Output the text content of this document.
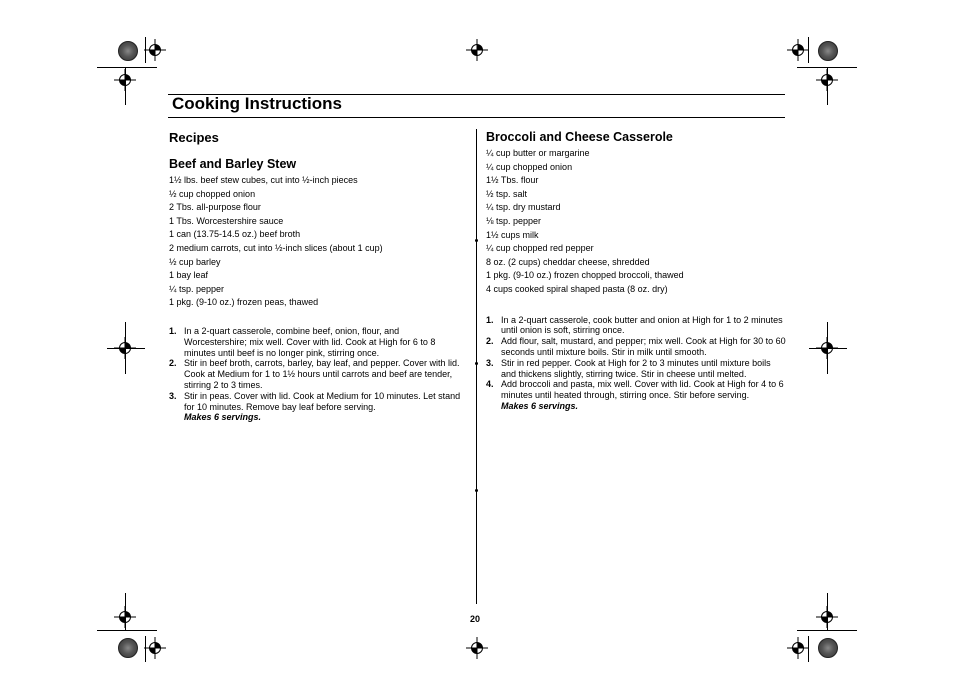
Cooking Instructions
Recipes
Beef and Barley Stew
1½ lbs. beef stew cubes, cut into ½-inch pieces
½ cup chopped onion
2 Tbs. all-purpose flour
1 Tbs. Worcestershire sauce
1 can (13.75-14.5 oz.) beef broth
2 medium carrots, cut into ½-inch slices (about 1 cup)
½ cup barley
1 bay leaf
¼ tsp. pepper
1 pkg. (9-10 oz.) frozen peas, thawed
1. In a 2-quart casserole, combine beef, onion, flour, and Worcestershire; mix well. Cover with lid. Cook at High for 6 to 8 minutes until beef is no longer pink, stirring once.
2. Stir in beef broth, carrots, barley, bay leaf, and pepper. Cover with lid. Cook at Medium for 1 to 1½ hours until carrots and beef are tender, stirring 2 to 3 times.
3. Stir in peas. Cover with lid. Cook at Medium for 10 minutes. Let stand for 10 minutes. Remove bay leaf before serving.
Makes 6 servings.
Broccoli and Cheese Casserole
¼ cup butter or margarine
¼ cup chopped onion
1½ Tbs. flour
½ tsp. salt
¼ tsp. dry mustard
⅛ tsp. pepper
1½ cups milk
¼ cup chopped red pepper
8 oz. (2 cups) cheddar cheese, shredded
1 pkg. (9-10 oz.) frozen chopped broccoli, thawed
4 cups cooked spiral shaped pasta (8 oz. dry)
1. In a 2-quart casserole, cook butter and onion at High for 1 to 2 minutes until onion is soft, stirring once.
2. Add flour, salt, mustard, and pepper; mix well. Cook at High for 30 to 60 seconds until mixture boils. Stir in milk until smooth.
3. Stir in red pepper. Cook at High for 2 to 3 minutes until mixture boils and thickens slightly, stirring twice. Stir in cheese until melted.
4. Add broccoli and pasta, mix well. Cover with lid. Cook at High for 4 to 6 minutes until heated through, stirring once. Stir before serving.
Makes 6 servings.
20
